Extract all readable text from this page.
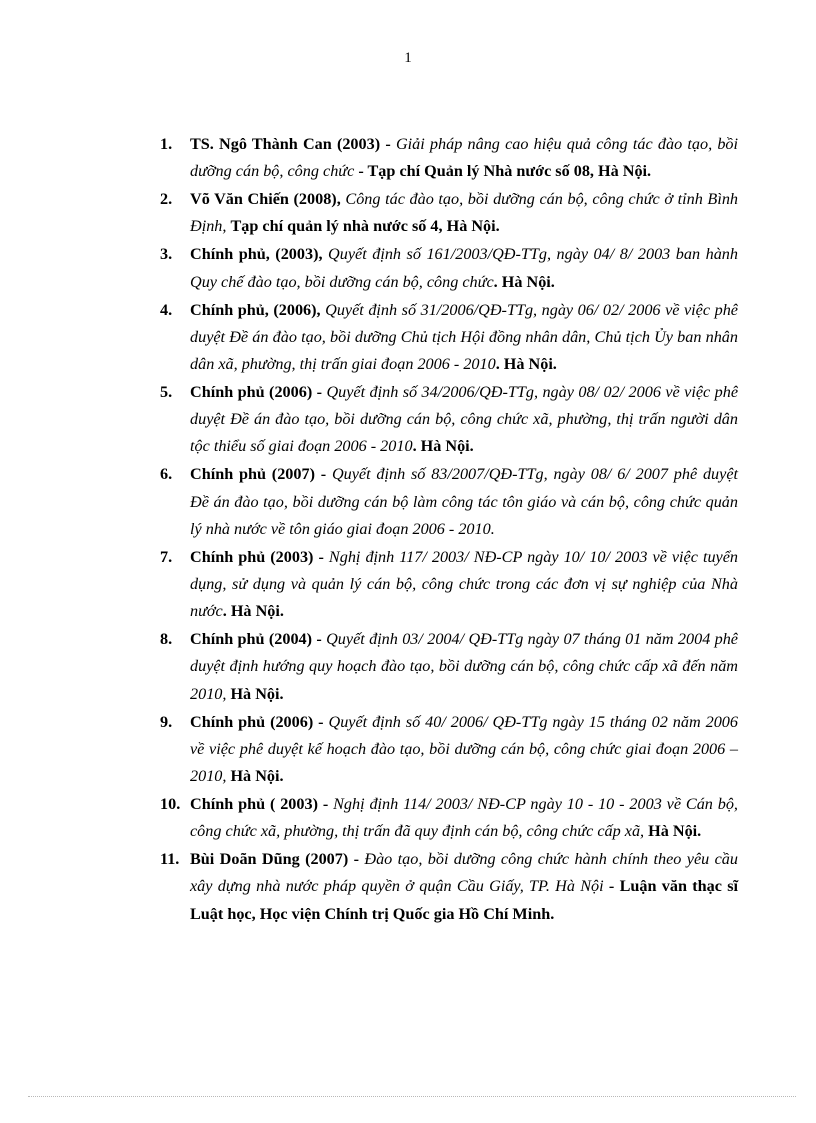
1
1. TS. Ngô Thành Can (2003) - Giải pháp nâng cao hiệu quả công tác đào tạo, bồi dưỡng cán bộ, công chức - Tạp chí Quản lý Nhà nước số 08, Hà Nội.
2. Võ Văn Chiến (2008), Công tác đào tạo, bồi dưỡng cán bộ, công chức ở tỉnh Bình Định, Tạp chí quản lý nhà nước số 4, Hà Nội.
3. Chính phủ, (2003), Quyết định số 161/2003/QĐ-TTg, ngày 04/ 8/ 2003 ban hành Quy chế đào tạo, bồi dưỡng cán bộ, công chức. Hà Nội.
4. Chính phủ, (2006), Quyết định số 31/2006/QĐ-TTg, ngày 06/ 02/ 2006 về việc phê duyệt Đề án đào tạo, bồi dưỡng Chủ tịch Hội đồng nhân dân, Chủ tịch Ủy ban nhân dân xã, phường, thị trấn giai đoạn 2006 - 2010. Hà Nội.
5. Chính phủ (2006) - Quyết định số 34/2006/QĐ-TTg, ngày 08/ 02/ 2006 về việc phê duyệt Đề án đào tạo, bồi dưỡng cán bộ, công chức xã, phường, thị trấn người dân tộc thiểu số giai đoạn 2006 - 2010. Hà Nội.
6. Chính phủ (2007) - Quyết định số 83/2007/QĐ-TTg, ngày 08/ 6/ 2007 phê duyệt Đề án đào tạo, bồi dưỡng cán bộ làm công tác tôn giáo và cán bộ, công chức quản lý nhà nước về tôn giáo giai đoạn 2006 - 2010.
7. Chính phủ (2003) - Nghị định 117/ 2003/ NĐ-CP ngày 10/ 10/ 2003 về việc tuyển dụng, sử dụng và quản lý cán bộ, công chức trong các đơn vị sự nghiệp của Nhà nước. Hà Nội.
8. Chính phủ (2004) - Quyết định 03/ 2004/ QĐ-TTg ngày 07 tháng 01 năm 2004 phê duyệt định hướng quy hoạch đào tạo, bồi dưỡng cán bộ, công chức cấp xã đến năm 2010, Hà Nội.
9. Chính phủ (2006) - Quyết định số 40/ 2006/ QĐ-TTg ngày 15 tháng 02 năm 2006 về việc phê duyệt kế hoạch đào tạo, bồi dưỡng cán bộ, công chức giai đoạn 2006 – 2010, Hà Nội.
10. Chính phủ ( 2003) - Nghị định 114/ 2003/ NĐ-CP ngày 10 - 10 - 2003 về Cán bộ, công chức xã, phường, thị trấn đã quy định cán bộ, công chức cấp xã, Hà Nội.
11. Bùi Doãn Dũng (2007) - Đào tạo, bồi dưỡng công chức hành chính theo yêu cầu xây dựng nhà nước pháp quyền ở quận Cầu Giấy, TP. Hà Nội - Luận văn thạc sĩ Luật học, Học viện Chính trị Quốc gia Hồ Chí Minh.
